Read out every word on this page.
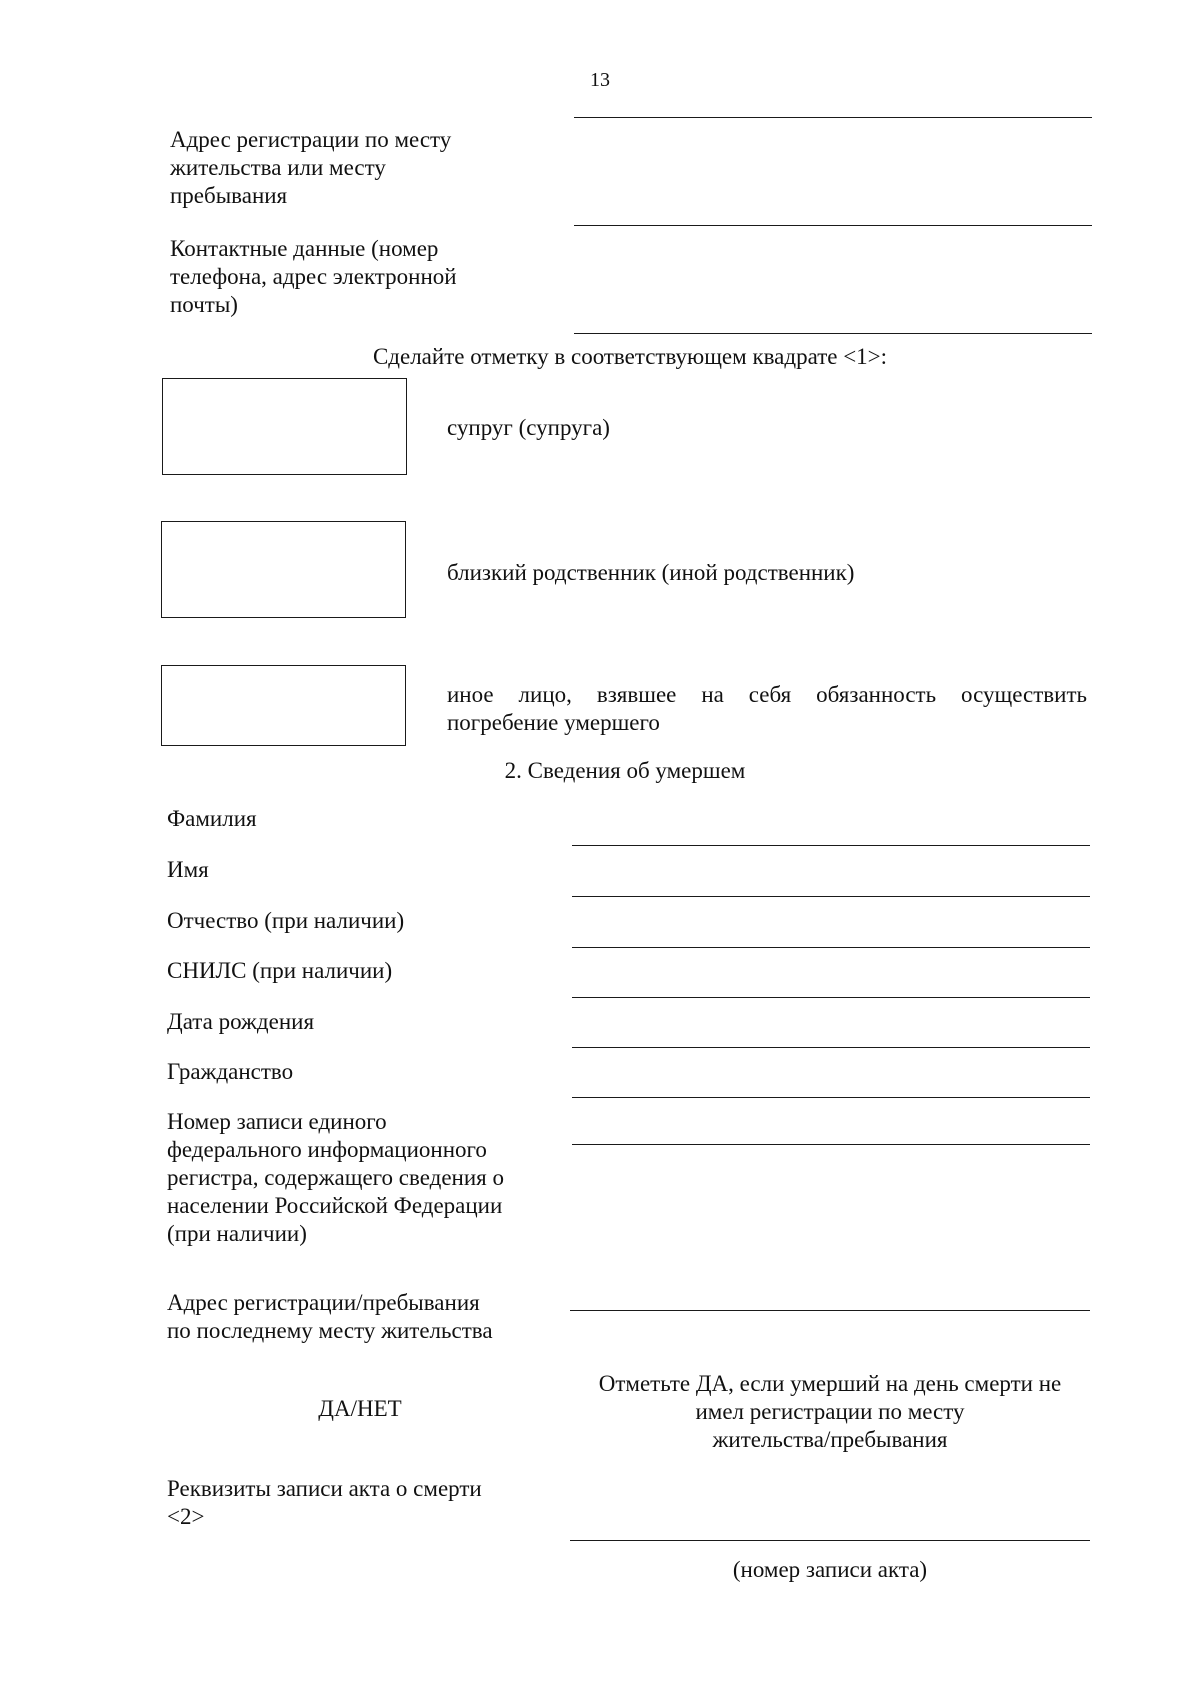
13
Адрес регистрации по месту
жительства или месту
пребывания
Контактные данные (номер
телефона, адрес электронной
почты)
Сделайте отметку в соответствующем квадрате <1>:
супруг (супруга)
близкий родственник (иной родственник)
иное лицо, взявшее на себя обязанность осуществить погребение умершего
2. Сведения об умершем
Фамилия
Имя
Отчество (при наличии)
СНИЛС (при наличии)
Дата рождения
Гражданство
Номер записи единого
федерального информационного
регистра, содержащего сведения о
населении Российской Федерации
(при наличии)
Адрес регистрации/пребывания
по последнему месту жительства
ДА/НЕТ
Отметьте ДА, если умерший на день смерти не
имел регистрации по месту
жительства/пребывания
Реквизиты записи акта о смерти
<2>
(номер записи акта)
